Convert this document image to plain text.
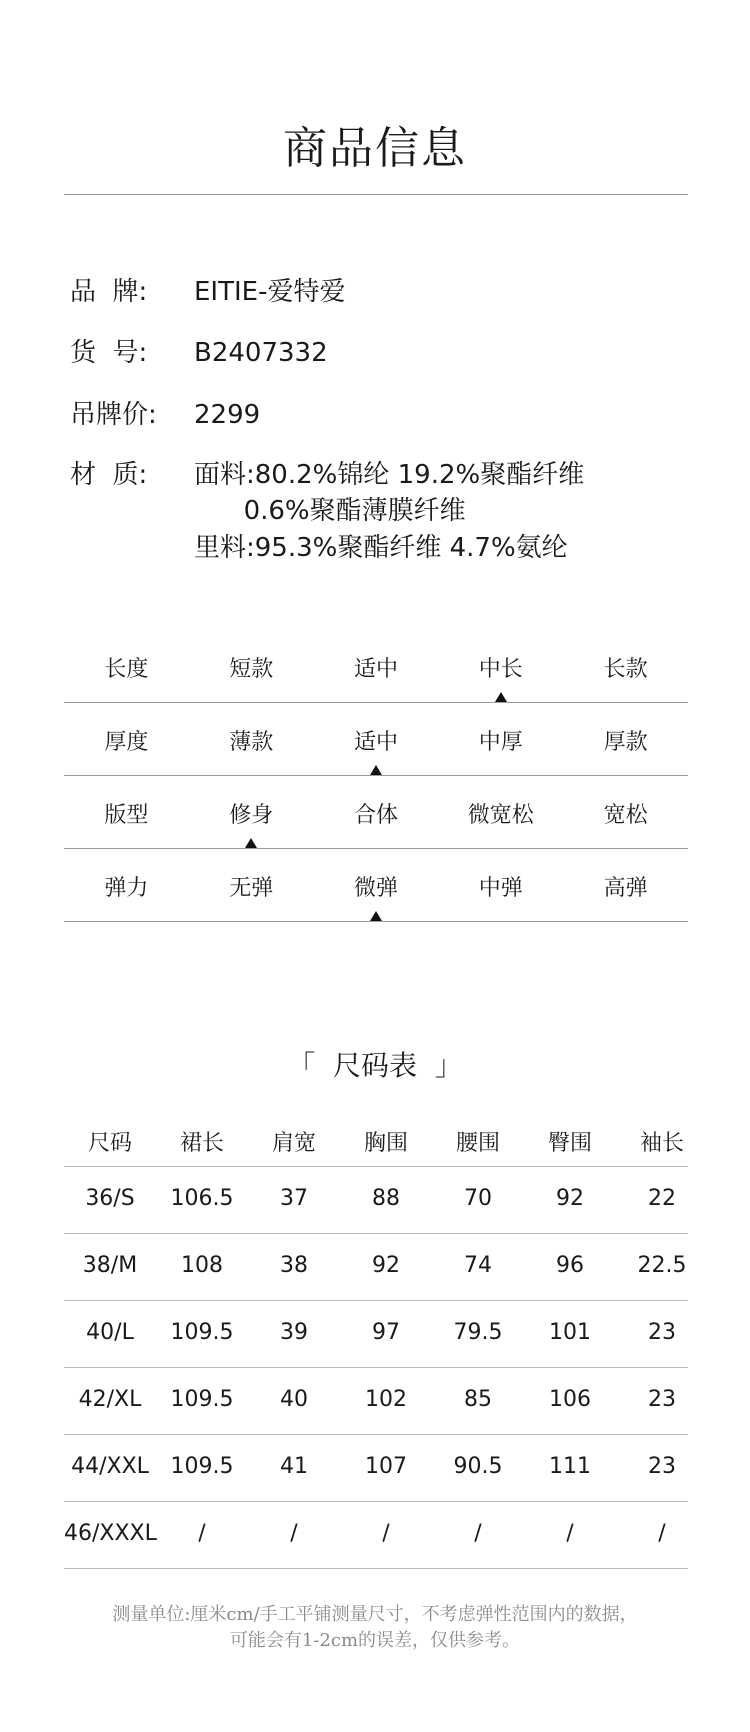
商品信息
品  牌:	EITIE-爱特爱
货  号:	B2407332
吊牌价:	2299
材  质:	面料:80.2%锦纶 19.2%聚酯纤维
0.6%聚酯薄膜纤维
里料:95.3%聚酯纤维 4.7%氨纶
长度	短款	适中	中长	长款
厚度	薄款	适中	中厚	厚款
版型	修身	合体	微宽松	宽松
弹力	无弹	微弹	中弹	高弹
「  尺码表  」
尺码	裙长	肩宽	胸围	腰围	臀围	袖长
36/S	106.5	37	88	70	92	22
38/M	108	38	92	74	96	22.5
40/L	109.5	39	97	79.5	101	23
42/XL	109.5	40	102	85	106	23
44/XXL 109.5	41	107	90.5	111	23
46/XXXL	/	/	/	/	/	/
测量单位:厘米cm/手工平铺测量尺寸，不考虑弹性范围内的数据，
可能会有1-2cm的误差，仅供参考。
